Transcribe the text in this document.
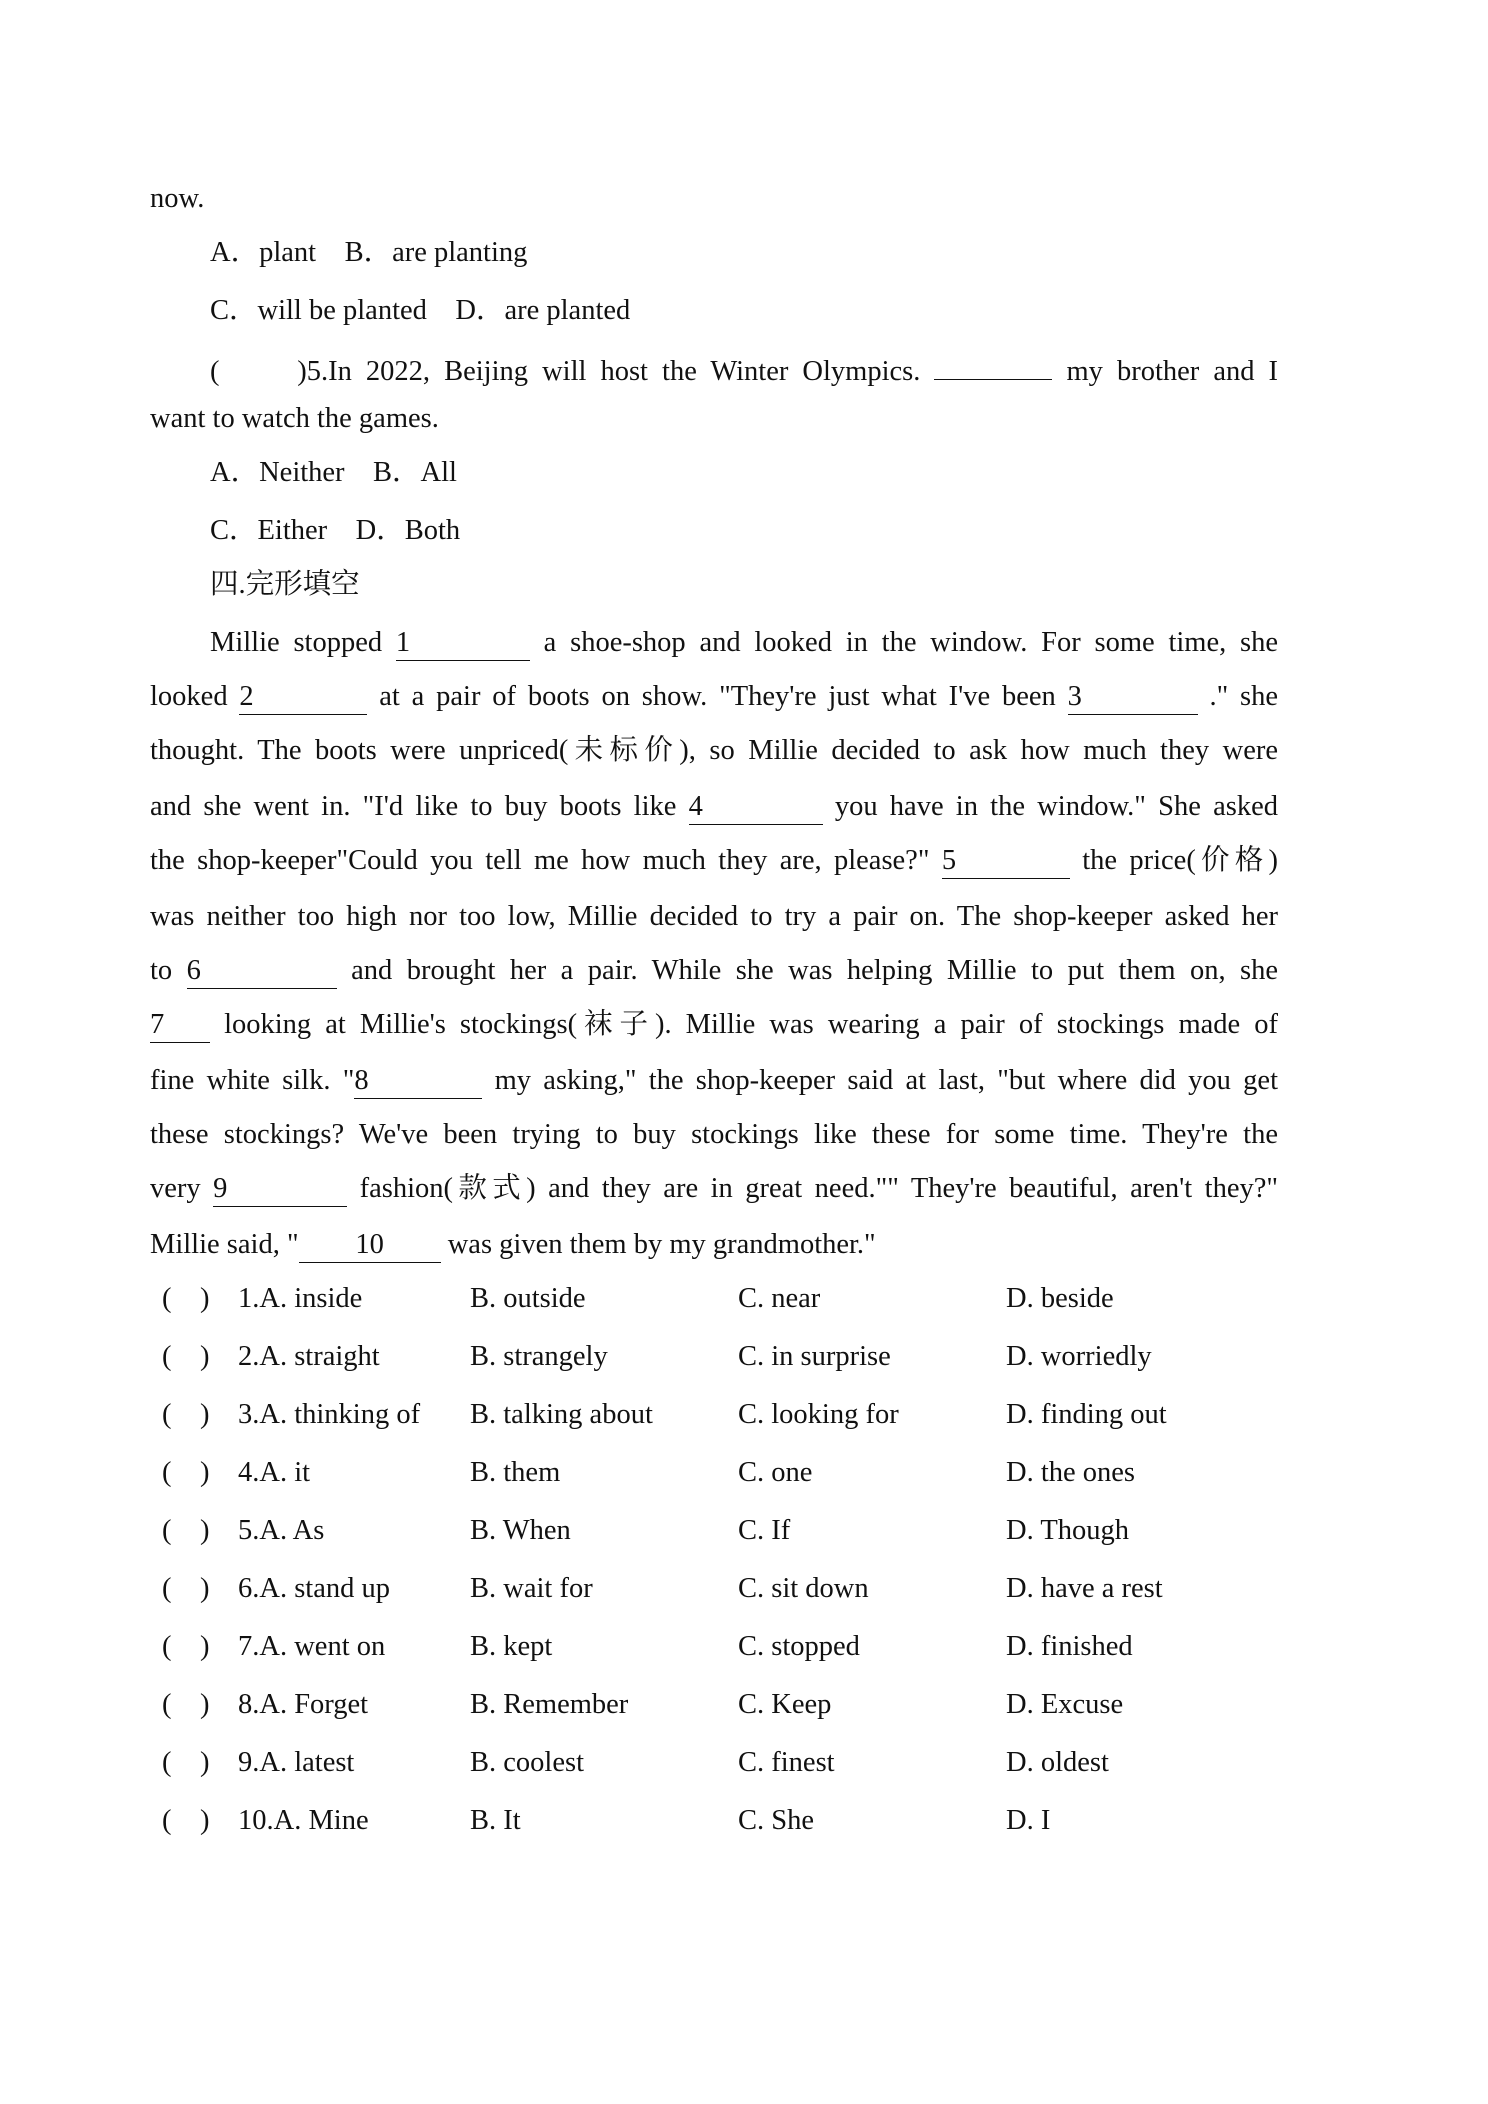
now.
A．plant　B．are planting
C．will be planted　D．are planted
(　　)5.In 2022, Beijing will host the Winter Olympics.	my brother and I
want to watch the games.
A．Neither　B．All
C．Either　D．Both
四.完形填空
Millie stopped 1	a shoe-shop and looked in the window. For some time, she
looked 2	at a pair of boots on show. "They're just what I've been 3	." she
thought. The boots were unpriced(未标价), so Millie decided to ask how much they were
and she went in. "I'd like to buy boots like 4	you have in the window." She asked
the shop-keeper"Could you tell me how much they are, please?" 5	the price(价格)
was neither too high nor too low, Millie decided to try a pair on. The shop-keeper asked her
to 6	and brought her a pair. While she was helping Millie to put them on, she
7 looking at Millie's stockings(袜子). Millie was wearing a pair of stockings made of
fine white silk. "8	my asking," the shop-keeper said at last, "but where did you get
these stockings? We've been trying to buy stockings like these for some time. They're the
very 9	fashion(款式) and they are in great need."" They're beautiful, aren't they?"
Millie said, " 10 was given them by my grandmother."
(　) 1.A. inside	B. outside	C. near	D. beside
(　) 2.A. straight	B. strangely	C. in surprise	D. worriedly
(　) 3.A. thinking of B. talking about	C. looking for	D. finding out
(　) 4.A. it	B. them	C. one	D. the ones
(　) 5.A. As	B. When	C. If	D. Though
(　) 6.A. stand up	B. wait for	C. sit down	D. have a rest
(　) 7.A. went on	B. kept	C. stopped	D. finished
(　) 8.A. Forget	B. Remember	C. Keep	D. Excuse
(　) 9.A. latest	B. coolest	C. finest	D. oldest
(　) 10.A. Mine	B. It	C. She	D. I
